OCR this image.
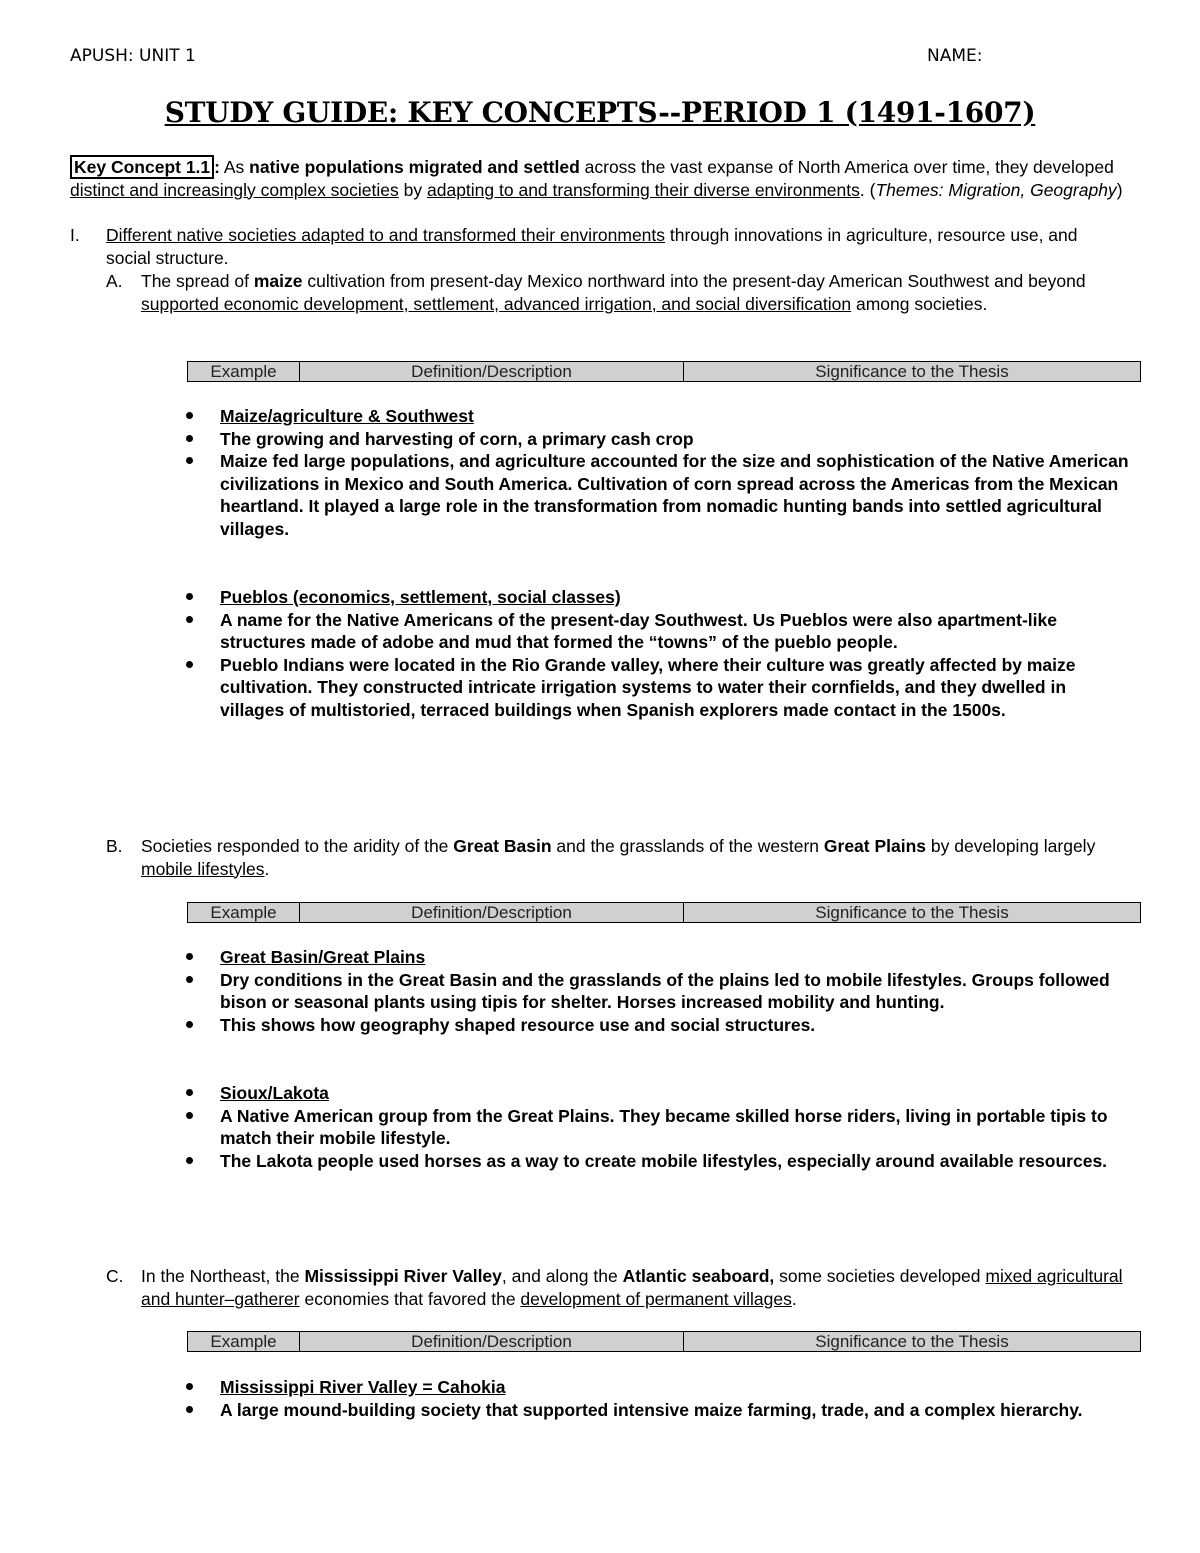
APUSH: UNIT 1	NAME:
STUDY GUIDE: KEY CONCEPTS--PERIOD 1 (1491-1607)
Key Concept 1.1 : As native populations migrated and settled across the vast expanse of North America over time, they developed distinct and increasingly complex societies by adapting to and transforming their diverse environments. (Themes: Migration, Geography)
I. Different native societies adapted to and transformed their environments through innovations in agriculture, resource use, and social structure.
A. The spread of maize cultivation from present-day Mexico northward into the present-day American Southwest and beyond supported economic development, settlement, advanced irrigation, and social diversification among societies.
Example	Definition/Description	Significance to the Thesis
Maize/agriculture & Southwest
The growing and harvesting of corn, a primary cash crop
Maize fed large populations, and agriculture accounted for the size and sophistication of the Native American civilizations in Mexico and South America. Cultivation of corn spread across the Americas from the Mexican heartland. It played a large role in the transformation from nomadic hunting bands into settled agricultural villages.
Pueblos (economics, settlement, social classes)
A name for the Native Americans of the present-day Southwest. Us Pueblos were also apartment-like structures made of adobe and mud that formed the “towns” of the pueblo people.
Pueblo Indians were located in the Rio Grande valley, where their culture was greatly affected by maize cultivation. They constructed intricate irrigation systems to water their cornfields, and they dwelled in villages of multistoried, terraced buildings when Spanish explorers made contact in the 1500s.
B. Societies responded to the aridity of the Great Basin and the grasslands of the western Great Plains by developing largely mobile lifestyles.
Example	Definition/Description	Significance to the Thesis
Great Basin/Great Plains
Dry conditions in the Great Basin and the grasslands of the plains led to mobile lifestyles. Groups followed bison or seasonal plants using tipis for shelter. Horses increased mobility and hunting.
This shows how geography shaped resource use and social structures.
Sioux/Lakota
A Native American group from the Great Plains. They became skilled horse riders, living in portable tipis to match their mobile lifestyle.
The Lakota people used horses as a way to create mobile lifestyles, especially around available resources.
C. In the Northeast, the Mississippi River Valley, and along the Atlantic seaboard, some societies developed mixed agricultural and hunter–gatherer economies that favored the development of permanent villages.
Example	Definition/Description	Significance to the Thesis
Mississippi River Valley = Cahokia
A large mound-building society that supported intensive maize farming, trade, and a complex hierarchy.
